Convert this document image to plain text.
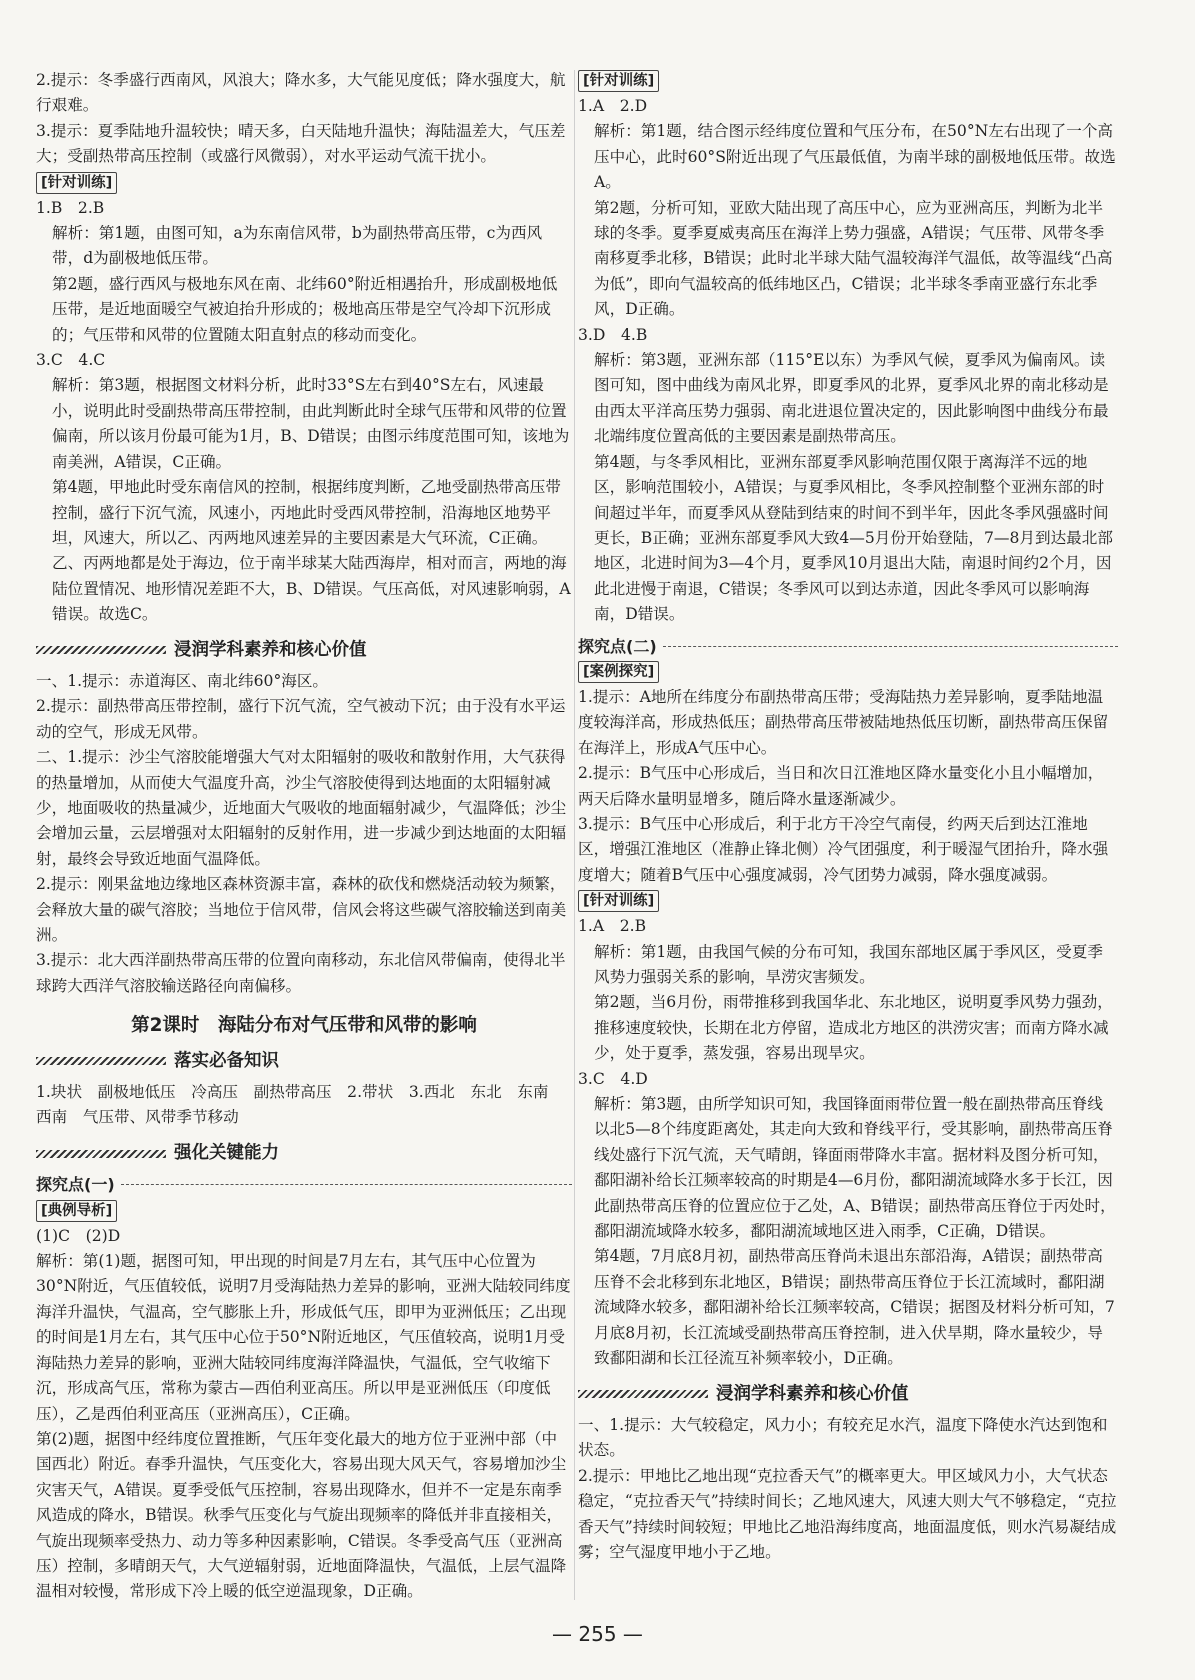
2.提示：冬季盛行西南风，风浪大；降水多，大气能见度低；降水强度大，航行艰难。

3.提示：夏季陆地升温较快；晴天多，白天陆地升温快；海陆温差大，气压差大；受副热带高压控制（或盛行风微弱），对水平运动气流干扰小。

[针对训练]

1.B　2.B

解析：第1题，由图可知，a为东南信风带，b为副热带高压带，c为西风带，d为副极地低压带。

第2题，盛行西风与极地东风在南、北纬60°附近相遇抬升，形成副极地低压带，是近地面暖空气被迫抬升形成的；极地高压带是空气冷却下沉形成的；气压带和风带的位置随太阳直射点的移动而变化。

3.C　4.C

解析：第3题，根据图文材料分析，此时33°S左右到40°S左右，风速最小，说明此时受副热带高压带控制，由此判断此时全球气压带和风带的位置偏南，所以该月份最可能为1月，B、D错误；由图示纬度范围可知，该地为南美洲，A错误，C正确。

第4题，甲地此时受东南信风的控制，根据纬度判断，乙地受副热带高压带控制，盛行下沉气流，风速小，丙地此时受西风带控制，沿海地区地势平坦，风速大，所以乙、丙两地风速差异的主要因素是大气环流，C正确。乙、丙两地都是处于海边，位于南半球某大陆西海岸，相对而言，两地的海陆位置情况、地形情况差距不大，B、D错误。气压高低，对风速影响弱，A错误。故选C。

浸润学科素养和核心价值

一、1.提示：赤道海区、南北纬60°海区。

2.提示：副热带高压带控制，盛行下沉气流，空气被动下沉；由于没有水平运动的空气，形成无风带。

二、1.提示：沙尘气溶胶能增强大气对太阳辐射的吸收和散射作用，大气获得的热量增加，从而使大气温度升高，沙尘气溶胶使得到达地面的太阳辐射减少，地面吸收的热量减少，近地面大气吸收的地面辐射减少，气温降低；沙尘会增加云量，云层增强对太阳辐射的反射作用，进一步减少到达地面的太阳辐射，最终会导致近地面气温降低。

2.提示：刚果盆地边缘地区森林资源丰富，森林的砍伐和燃烧活动较为频繁，会释放大量的碳气溶胶；当地位于信风带，信风会将这些碳气溶胶输送到南美洲。

3.提示：北大西洋副热带高压带的位置向南移动，东北信风带偏南，使得北半球跨大西洋气溶胶输送路径向南偏移。

第2课时　海陆分布对气压带和风带的影响
落实必备知识

1.块状　副极地低压　冷高压　副热带高压　2.带状　3.西北　东北　东南　西南　气压带、风带季节移动

强化关键能力
探究点(一)
[典例导析]

(1)C　(2)D

解析：第(1)题，据图可知，甲出现的时间是7月左右，其气压中心位置为30°N附近，气压值较低，说明7月受海陆热力差异的影响，亚洲大陆较同纬度海洋升温快，气温高，空气膨胀上升，形成低气压，即甲为亚洲低压；乙出现的时间是1月左右，其气压中心位于50°N附近地区，气压值较高，说明1月受海陆热力差异的影响，亚洲大陆较同纬度海洋降温快，气温低，空气收缩下沉，形成高气压，常称为蒙古—西伯利亚高压。所以甲是亚洲低压（印度低压），乙是西伯利亚高压（亚洲高压），C正确。

第(2)题，据图中经纬度位置推断，气压年变化最大的地方位于亚洲中部（中国西北）附近。春季升温快，气压变化大，容易出现大风天气，容易增加沙尘灾害天气，A错误。夏季受低气压控制，容易出现降水，但并不一定是东南季风造成的降水，B错误。秋季气压变化与气旋出现频率的降低并非直接相关，气旋出现频率受热力、动力等多种因素影响，C错误。冬季受高气压（亚洲高压）控制，多晴朗天气，大气逆辐射弱，近地面降温快，气温低，上层气温降温相对较慢，常形成下冷上暖的低空逆温现象，D正确。

[针对训练]

1.A　2.D

解析：第1题，结合图示经纬度位置和气压分布，在50°N左右出现了一个高压中心，此时60°S附近出现了气压最低值，为南半球的副极地低压带。故选A。

第2题，分析可知，亚欧大陆出现了高压中心，应为亚洲高压，判断为北半球的冬季。夏季夏威夷高压在海洋上势力强盛，A错误；气压带、风带冬季南移夏季北移，B错误；此时北半球大陆气温较海洋气温低，故等温线“凸高为低”，即向气温较高的低纬地区凸，C错误；北半球冬季南亚盛行东北季风，D正确。

3.D　4.B

解析：第3题，亚洲东部（115°E以东）为季风气候，夏季风为偏南风。读图可知，图中曲线为南风北界，即夏季风的北界，夏季风北界的南北移动是由西太平洋高压势力强弱、南北进退位置决定的，因此影响图中曲线分布最北端纬度位置高低的主要因素是副热带高压。

第4题，与冬季风相比，亚洲东部夏季风影响范围仅限于离海洋不远的地区，影响范围较小，A错误；与夏季风相比，冬季风控制整个亚洲东部的时间超过半年，而夏季风从登陆到结束的时间不到半年，因此冬季风强盛时间更长，B正确；亚洲东部夏季风大致4—5月份开始登陆，7—8月到达最北部地区，北进时间为3—4个月，夏季风10月退出大陆，南退时间约2个月，因此北进慢于南退，C错误；冬季风可以到达赤道，因此冬季风可以影响海南，D错误。

探究点(二)
[案例探究]

1.提示：A地所在纬度分布副热带高压带；受海陆热力差异影响，夏季陆地温度较海洋高，形成热低压；副热带高压带被陆地热低压切断，副热带高压保留在海洋上，形成A气压中心。

2.提示：B气压中心形成后，当日和次日江淮地区降水量变化小且小幅增加，两天后降水量明显增多，随后降水量逐渐减少。

3.提示：B气压中心形成后，利于北方干冷空气南侵，约两天后到达江淮地区，增强江淮地区（准静止锋北侧）冷气团强度，利于暖湿气团抬升，降水强度增大；随着B气压中心强度减弱，冷气团势力减弱，降水强度减弱。

[针对训练]

1.A　2.B

解析：第1题，由我国气候的分布可知，我国东部地区属于季风区，受夏季风势力强弱关系的影响，旱涝灾害频发。

第2题，当6月份，雨带推移到我国华北、东北地区，说明夏季风势力强劲，推移速度较快，长期在北方停留，造成北方地区的洪涝灾害；而南方降水减少，处于夏季，蒸发强，容易出现旱灾。

3.C　4.D

解析：第3题，由所学知识可知，我国锋面雨带位置一般在副热带高压脊线以北5—8个纬度距离处，其走向大致和脊线平行，受其影响，副热带高压脊线处盛行下沉气流，天气晴朗，锋面雨带降水丰富。据材料及图分析可知，鄱阳湖补给长江频率较高的时期是4—6月份，鄱阳湖流域降水多于长江，因此副热带高压脊的位置应位于乙处，A、B错误；副热带高压脊位于丙处时，鄱阳湖流域降水较多，鄱阳湖流域地区进入雨季，C正确，D错误。

第4题，7月底8月初，副热带高压脊尚未退出东部沿海，A错误；副热带高压脊不会北移到东北地区，B错误；副热带高压脊位于长江流域时，鄱阳湖流域降水较多，鄱阳湖补给长江频率较高，C错误；据图及材料分析可知，7月底8月初，长江流域受副热带高压脊控制，进入伏旱期，降水量较少，导致鄱阳湖和长江径流互补频率较小，D正确。

浸润学科素养和核心价值

一、1.提示：大气较稳定，风力小；有较充足水汽，温度下降使水汽达到饱和状态。

2.提示：甲地比乙地出现“克拉香天气”的概率更大。甲区域风力小，大气状态稳定，“克拉香天气”持续时间长；乙地风速大，风速大则大气不够稳定，“克拉香天气”持续时间较短；甲地比乙地沿海纬度高，地面温度低，则水汽易凝结成雾；空气湿度甲地小于乙地。

— 255 —
